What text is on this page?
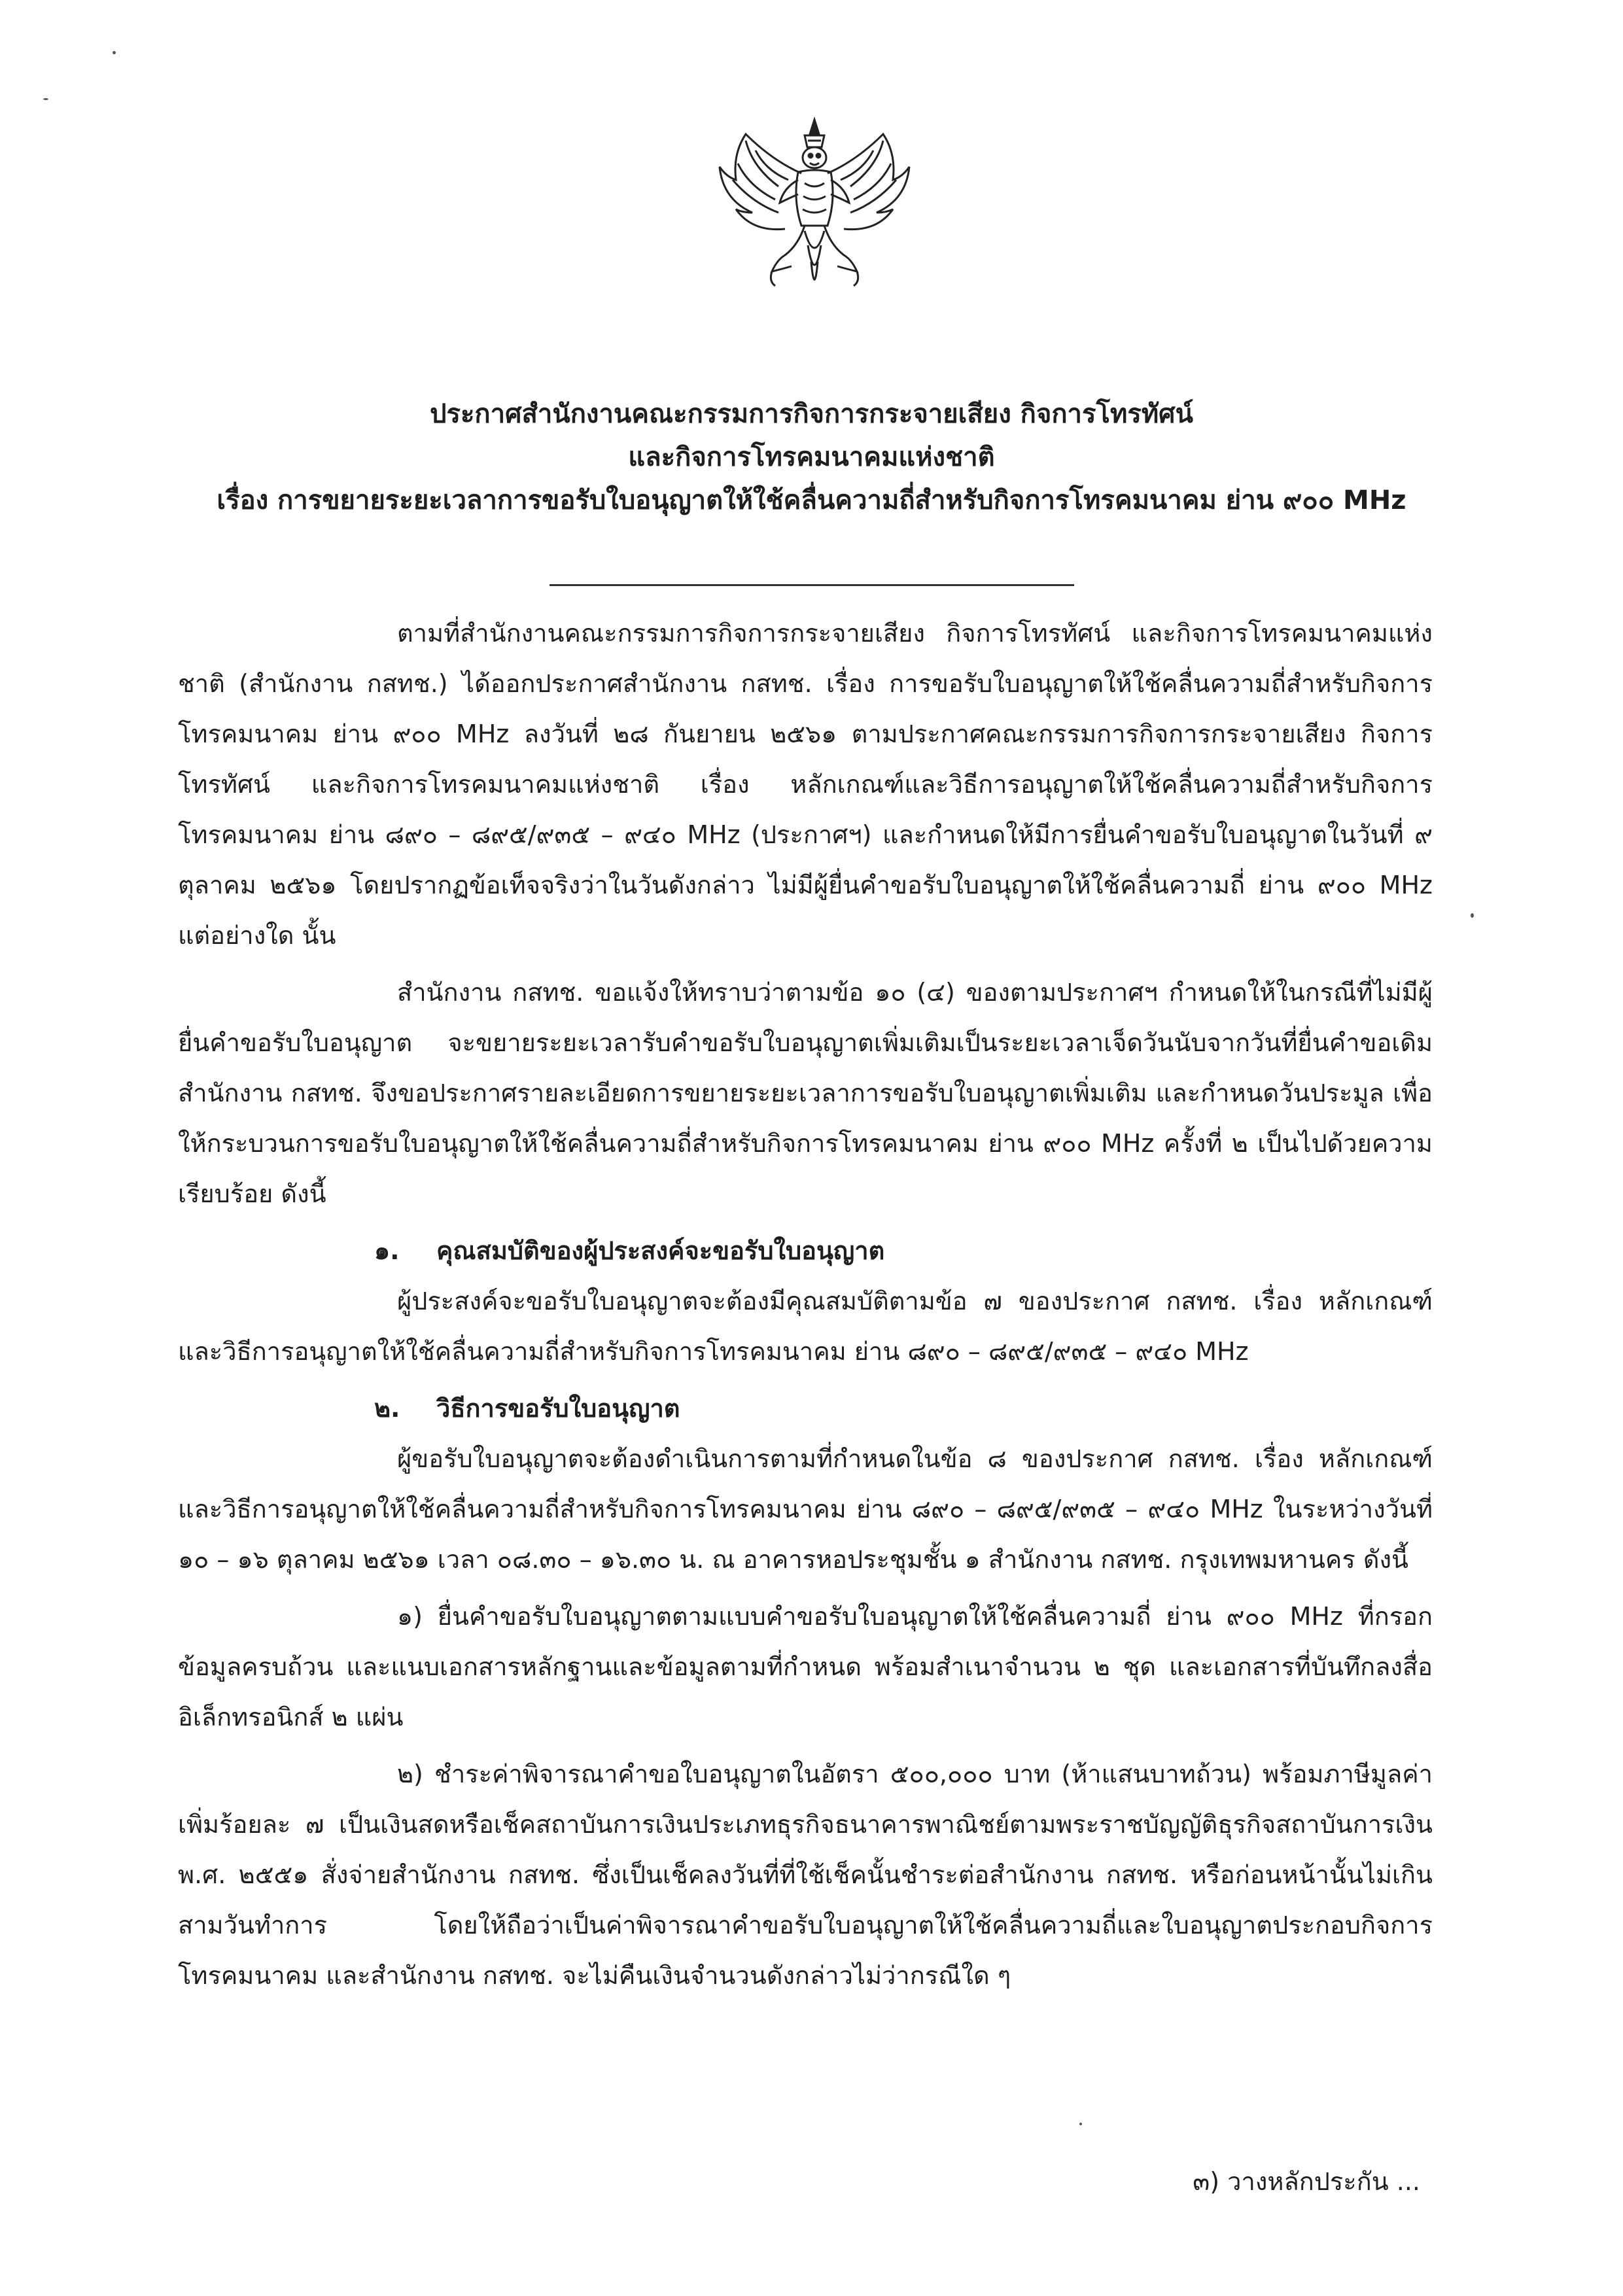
ประกาศสำนักงานคณะกรรมการกิจการกระจายเสียง กิจการโทรทัศน์
และกิจการโทรคมนาคมแห่งชาติ
เรื่อง การขยายระยะเวลาการขอรับใบอนุญาตให้ใช้คลื่นความถี่สำหรับกิจการโทรคมนาคม ย่าน ๙๐๐ MHz

ตามที่สำนักงานคณะกรรมการกิจการกระจายเสียง กิจการโทรทัศน์ และกิจการโทรคมนาคมแห่งชาติ (สำนักงาน กสทช.) ได้ออกประกาศสำนักงาน กสทช. เรื่อง การขอรับใบอนุญาตให้ใช้คลื่นความถี่สำหรับกิจการโทรคมนาคม ย่าน ๙๐๐ MHz ลงวันที่ ๒๘ กันยายน ๒๕๖๑ ตามประกาศคณะกรรมการกิจการกระจายเสียง กิจการโทรทัศน์ และกิจการโทรคมนาคมแห่งชาติ เรื่อง หลักเกณฑ์และวิธีการอนุญาตให้ใช้คลื่นความถี่สำหรับกิจการโทรคมนาคม ย่าน ๘๙๐ – ๘๙๕/๙๓๕ – ๙๔๐ MHz (ประกาศฯ) และกำหนดให้มีการยื่นคำขอรับใบอนุญาตในวันที่ ๙ ตุลาคม ๒๕๖๑ โดยปรากฏข้อเท็จจริงว่าในวันดังกล่าว ไม่มีผู้ยื่นคำขอรับใบอนุญาตให้ใช้คลื่นความถี่ ย่าน ๙๐๐ MHz แต่อย่างใด นั้น

สำนักงาน กสทช. ขอแจ้งให้ทราบว่าตามข้อ ๑๐ (๔) ของตามประกาศฯ กำหนดให้ในกรณีที่ไม่มีผู้ยื่นคำขอรับใบอนุญาต จะขยายระยะเวลารับคำขอรับใบอนุญาตเพิ่มเติมเป็นระยะเวลาเจ็ดวันนับจากวันที่ยื่นคำขอเดิม สำนักงาน กสทช. จึงขอประกาศรายละเอียดการขยายระยะเวลาการขอรับใบอนุญาตเพิ่มเติม และกำหนดวันประมูล เพื่อให้กระบวนการขอรับใบอนุญาตให้ใช้คลื่นความถี่สำหรับกิจการโทรคมนาคม ย่าน ๙๐๐ MHz ครั้งที่ ๒ เป็นไปด้วยความเรียบร้อย ดังนี้

๑. คุณสมบัติของผู้ประสงค์จะขอรับใบอนุญาต

ผู้ประสงค์จะขอรับใบอนุญาตจะต้องมีคุณสมบัติตามข้อ ๗ ของประกาศ กสทช. เรื่อง หลักเกณฑ์และวิธีการอนุญาตให้ใช้คลื่นความถี่สำหรับกิจการโทรคมนาคม ย่าน ๘๙๐ – ๘๙๕/๙๓๕ – ๙๔๐ MHz

๒. วิธีการขอรับใบอนุญาต

ผู้ขอรับใบอนุญาตจะต้องดำเนินการตามที่กำหนดในข้อ ๘ ของประกาศ กสทช. เรื่อง หลักเกณฑ์และวิธีการอนุญาตให้ใช้คลื่นความถี่สำหรับกิจการโทรคมนาคม ย่าน ๘๙๐ – ๘๙๕/๙๓๕ – ๙๔๐ MHz ในระหว่างวันที่ ๑๐ – ๑๖ ตุลาคม ๒๕๖๑ เวลา ๐๘.๓๐ – ๑๖.๓๐ น. ณ อาคารหอประชุมชั้น ๑ สำนักงาน กสทช. กรุงเทพมหานคร ดังนี้

๑) ยื่นคำขอรับใบอนุญาตตามแบบคำขอรับใบอนุญาตให้ใช้คลื่นความถี่ ย่าน ๙๐๐ MHz ที่กรอกข้อมูลครบถ้วน และแนบเอกสารหลักฐานและข้อมูลตามที่กำหนด พร้อมสำเนาจำนวน ๒ ชุด และเอกสารที่บันทึกลงสื่ออิเล็กทรอนิกส์ ๒ แผ่น

๒) ชำระค่าพิจารณาคำขอใบอนุญาตในอัตรา ๕๐๐,๐๐๐ บาท (ห้าแสนบาทถ้วน) พร้อมภาษีมูลค่าเพิ่มร้อยละ ๗ เป็นเงินสดหรือเช็คสถาบันการเงินประเภทธุรกิจธนาคารพาณิชย์ตามพระราชบัญญัติธุรกิจสถาบันการเงิน พ.ศ. ๒๕๕๑ สั่งจ่ายสำนักงาน กสทช. ซึ่งเป็นเช็คลงวันที่ที่ใช้เช็คนั้นชำระต่อสำนักงาน กสทช. หรือก่อนหน้านั้นไม่เกินสามวันทำการ โดยให้ถือว่าเป็นค่าพิจารณาคำขอรับใบอนุญาตให้ใช้คลื่นความถี่และใบอนุญาตประกอบกิจการโทรคมนาคม และสำนักงาน กสทช. จะไม่คืนเงินจำนวนดังกล่าวไม่ว่ากรณีใด ๆ

๓) วางหลักประกัน ...
